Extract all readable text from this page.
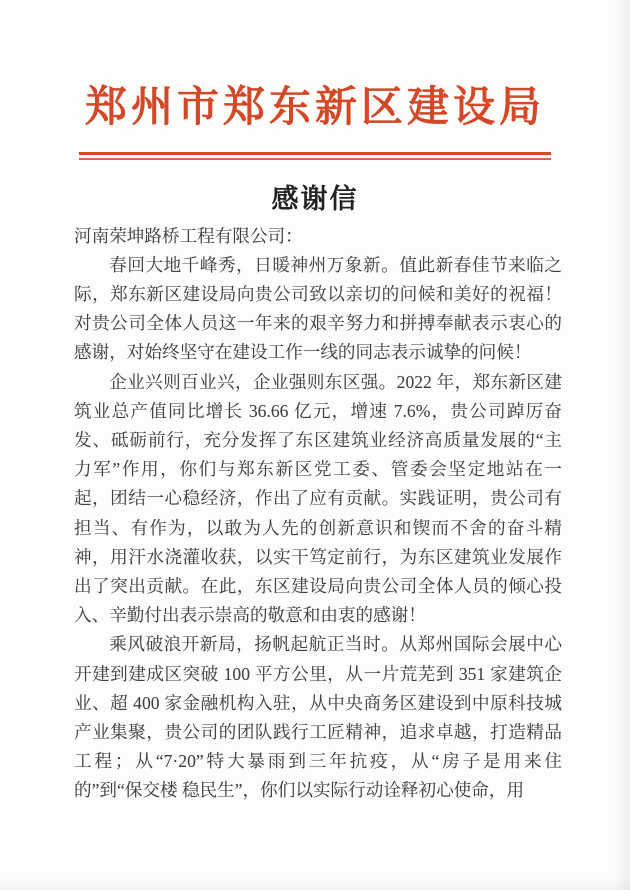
郑州市郑东新区建设局
感谢信
河南荣坤路桥工程有限公司：
春回大地千峰秀，日暖神州万象新。值此新春佳节来临之
际，郑东新区建设局向贵公司致以亲切的问候和美好的祝福！
对贵公司全体人员这一年来的艰辛努力和拼搏奉献表示衷心的
感谢，对始终坚守在建设工作一线的同志表示诚挚的问候！
企业兴则百业兴，企业强则东区强。2022 年，郑东新区建
筑业总产值同比增长 36.66 亿元，增速 7.6%，贵公司踔厉奋
发、砥砺前行，充分发挥了东区建筑业经济高质量发展的“主
力军”作用，你们与郑东新区党工委、管委会坚定地站在一
起，团结一心稳经济，作出了应有贡献。实践证明，贵公司有
担当、有作为，以敢为人先的创新意识和锲而不舍的奋斗精
神，用汗水浇灌收获，以实干笃定前行，为东区建筑业发展作
出了突出贡献。在此，东区建设局向贵公司全体人员的倾心投
入、辛勤付出表示崇高的敬意和由衷的感谢！
乘风破浪开新局，扬帆起航正当时。从郑州国际会展中心
开建到建成区突破 100 平方公里，从一片荒芜到 351 家建筑企
业、超 400 家金融机构入驻，从中央商务区建设到中原科技城
产业集聚，贵公司的团队践行工匠精神，追求卓越，打造精品
工程；从“7·20”特大暴雨到三年抗疫，从“房子是用来住
的”到“保交楼 稳民生”，你们以实际行动诠释初心使命，用
